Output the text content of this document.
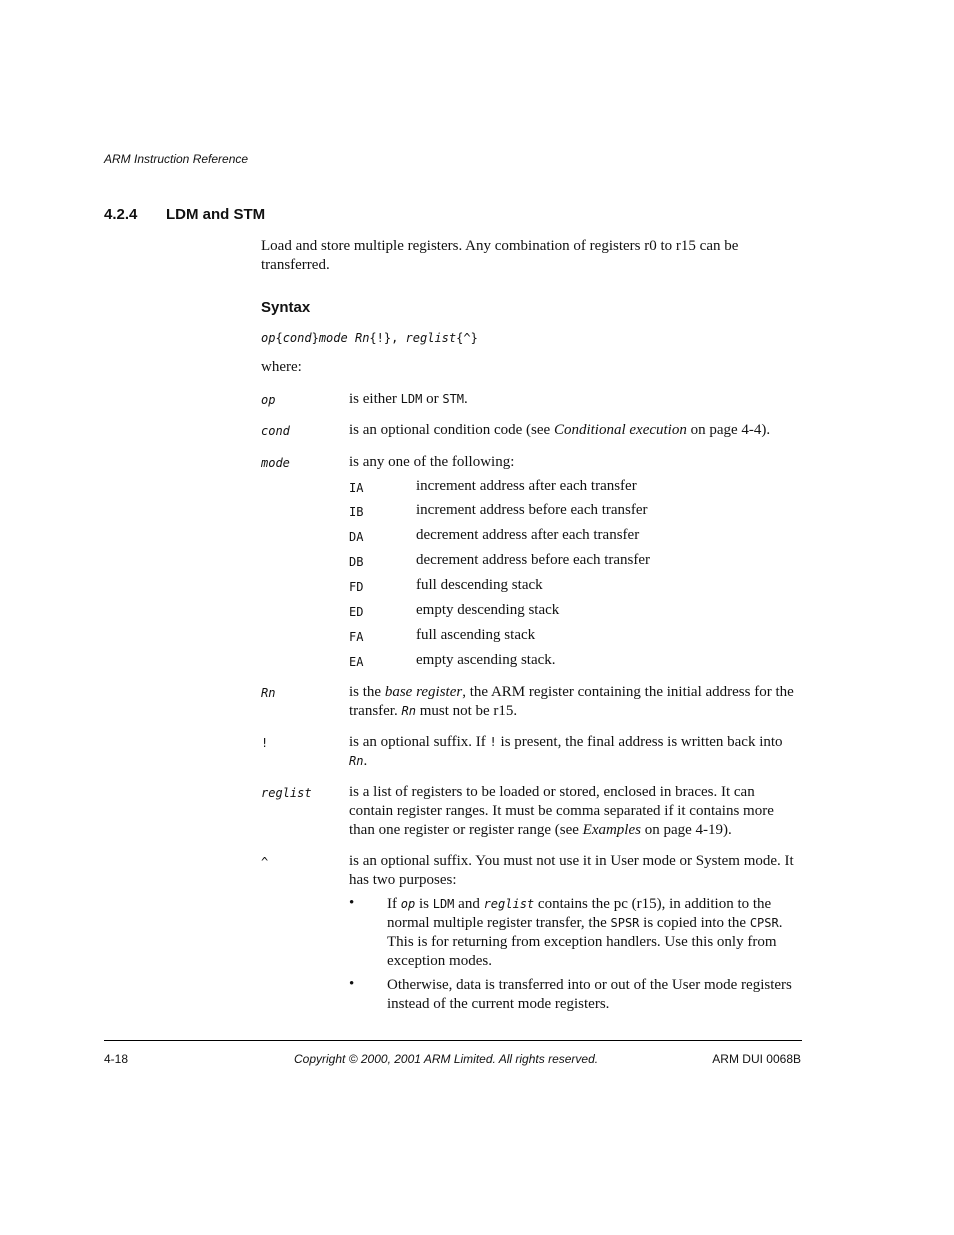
ARM Instruction Reference
4.2.4 LDM and STM
Load and store multiple registers. Any combination of registers r0 to r15 can be transferred.
Syntax
op{cond}mode Rn{!}, reglist{^}
where:
op	is either LDM or STM.
cond	is an optional condition code (see Conditional execution on page 4-4).
mode	is any one of the following:
IA	increment address after each transfer
IB	increment address before each transfer
DA	decrement address after each transfer
DB	decrement address before each transfer
FD	full descending stack
ED	empty descending stack
FA	full ascending stack
EA	empty ascending stack.
Rn	is the base register, the ARM register containing the initial address for the transfer. Rn must not be r15.
!	is an optional suffix. If ! is present, the final address is written back into Rn.
reglist is a list of registers to be loaded or stored, enclosed in braces. It can contain register ranges. It must be comma separated if it contains more than one register or register range (see Examples on page 4-19).
^	is an optional suffix. You must not use it in User mode or System mode. It has two purposes:
• If op is LDM and reglist contains the pc (r15), in addition to the normal multiple register transfer, the SPSR is copied into the CPSR. This is for returning from exception handlers. Use this only from exception modes.
• Otherwise, data is transferred into or out of the User mode registers instead of the current mode registers.
4-18	Copyright © 2000, 2001 ARM Limited. All rights reserved.	ARM DUI 0068B
